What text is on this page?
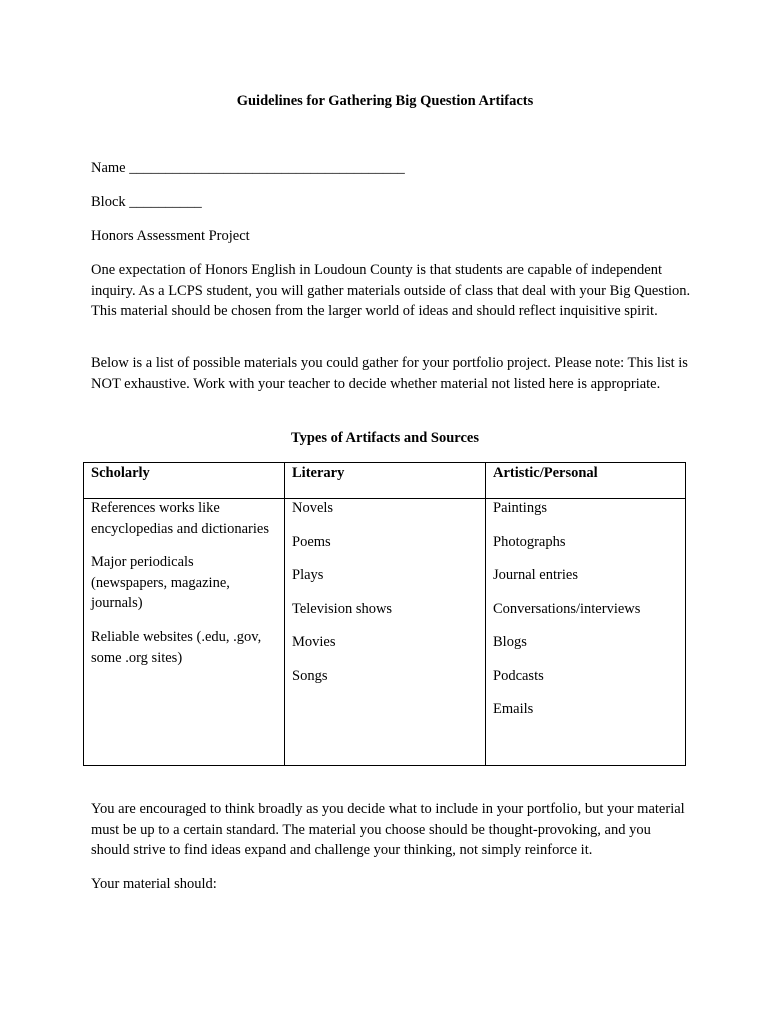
Guidelines for Gathering Big Question Artifacts
Name ______________________________________
Block __________
Honors Assessment Project
One expectation of Honors English in Loudoun County is that students are capable of independent inquiry. As a LCPS student, you will gather materials outside of class that deal with your Big Question. This material should be chosen from the larger world of ideas and should reflect inquisitive spirit.
Below is a list of possible materials you could gather for your portfolio project. Please note: This list is NOT exhaustive. Work with your teacher to decide whether material not listed here is appropriate.
Types of Artifacts and Sources
Scholarly	Literary	Artistic/Personal
References works like encyclopedias and dictionaries
Major periodicals (newspapers, magazine, journals)
Reliable websites (.edu, .gov, some .org sites)
Novels
Poems
Plays
Television shows
Movies
Songs
Paintings
Photographs
Journal entries
Conversations/interviews
Blogs
Podcasts
Emails
You are encouraged to think broadly as you decide what to include in your portfolio, but your material must be up to a certain standard. The material you choose should be thought-provoking, and you should strive to find ideas expand and challenge your thinking, not simply reinforce it.
Your material should:
